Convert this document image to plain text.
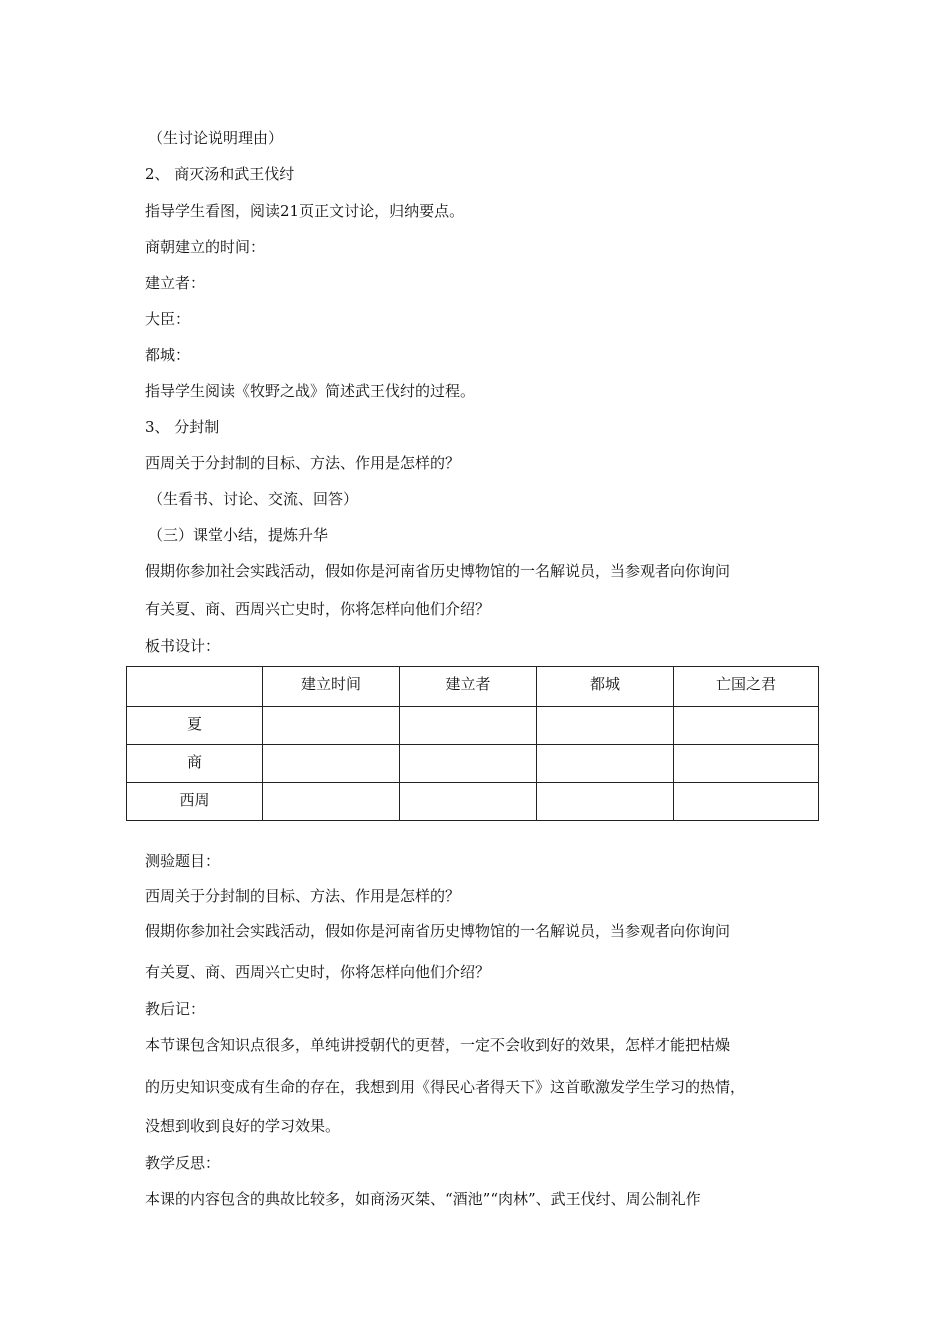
（生讨论说明理由）
2、 商灭汤和武王伐纣
指导学生看图，阅读21页正文讨论，归纳要点。
商朝建立的时间：
建立者：
大臣：
都城：
指导学生阅读《牧野之战》简述武王伐纣的过程。
3、 分封制
西周关于分封制的目标、方法、作用是怎样的？
（生看书、讨论、交流、回答）
（三）课堂小结，提炼升华
假期你参加社会实践活动，假如你是河南省历史博物馆的一名解说员，当参观者向你询问
有关夏、商、西周兴亡史时，你将怎样向他们介绍？
板书设计：

	建立时间	建立者	都城	亡国之君

夏				

商				

西周				

测验题目：
西周关于分封制的目标、方法、作用是怎样的？
假期你参加社会实践活动，假如你是河南省历史博物馆的一名解说员，当参观者向你询问
有关夏、商、西周兴亡史时，你将怎样向他们介绍？
教后记：
本节课包含知识点很多，单纯讲授朝代的更替，一定不会收到好的效果，怎样才能把枯燥
的历史知识变成有生命的存在，我想到用《得民心者得天下》这首歌激发学生学习的热情，
没想到收到良好的学习效果。
教学反思：
本课的内容包含的典故比较多，如商汤灭桀、“酒池”“肉林”、武王伐纣、周公制礼作
